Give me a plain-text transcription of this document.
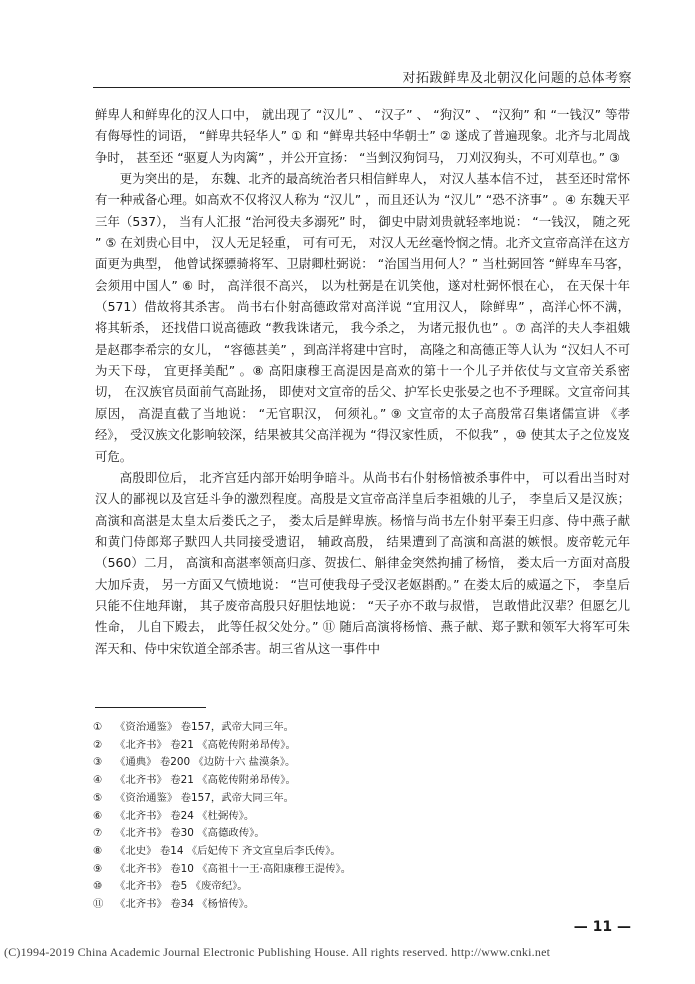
对拓跋鲜卑及北朝汉化问题的总体考察

鲜卑人和鲜卑化的汉人口中， 就出现了 “汉儿” 、 “汉子” 、 “狗汉” 、 “汉狗” 和 “一钱汉” 等带有侮辱性的词语， “鲜卑共轻华人” ① 和 “鲜卑共轻中华朝士” ② 遂成了普遍现象。北齐与北周战争时， 甚至还 “驱夏人为肉篱” ，并公开宣扬： “当剉汉狗饲马， 刀刈汉狗头，不可刈草也。” ③

更为突出的是， 东魏、北齐的最高统治者只相信鲜卑人， 对汉人基本信不过， 甚至还时常怀有一种戒备心理。如高欢不仅将汉人称为 “汉儿” ，而且还认为 “汉儿” “恐不济事” 。④ 东魏天平三年（537）， 当有人汇报 “治河役夫多溺死” 时， 御史中尉刘贵就轻率地说： “一钱汉， 随之死 ” ⑤ 在刘贵心目中， 汉人无足轻重， 可有可无， 对汉人无丝毫怜悯之情。北齐文宣帝高洋在这方面更为典型， 他曾试探骠骑将军、卫尉卿杜弼说： “治国当用何人？” 当杜弼回答 “鲜卑车马客， 会须用中国人” ⑥ 时， 高洋很不高兴， 以为杜弼是在讥笑他，遂对杜弼怀恨在心， 在天保十年（571）借故将其杀害。 尚书右仆射高德政常对高洋说 “宜用汉人， 除鲜卑” ，高洋心怀不满，将其斩杀， 还找借口说高德政 “教我诛诸元， 我今杀之， 为诸元报仇也” 。⑦ 高洋的夫人李祖娥是赵郡李希宗的女儿， “容德甚美” ，到高洋将建中宫时， 高隆之和高德正等人认为 “汉妇人不可为天下母， 宜更择美配” 。⑧ 高阳康穆王高湜因是高欢的第十一个儿子并依仗与文宣帝关系密切， 在汉族官员面前气高趾扬， 即使对文宣帝的岳父、护军长史张晏之也不予理睬。文宣帝问其原因， 高湜直截了当地说： “无官职汉， 何须礼。” ⑨ 文宣帝的太子高殷常召集诸儒宣讲 《孝经》， 受汉族文化影响较深，结果被其父高洋视为 “得汉家性质， 不似我” ，⑩ 使其太子之位岌岌可危。

高殷即位后， 北齐宫廷内部开始明争暗斗。从尚书右仆射杨愔被杀事件中， 可以看出当时对汉人的鄙视以及宫廷斗争的激烈程度。高殷是文宣帝高洋皇后李祖娥的儿子， 李皇后又是汉族； 高演和高湛是太皇太后娄氏之子， 娄太后是鲜卑族。杨愔与尚书左仆射平秦王归彦、侍中燕子献和黄门侍郎郑子默四人共同接受遗诏， 辅政高殷， 结果遭到了高演和高湛的嫉恨。废帝乾元年（560）二月， 高演和高湛率领高归彦、贺拔仁、斛律金突然拘捕了杨愔， 娄太后一方面对高殷大加斥责， 另一方面又气愤地说： “岂可使我母子受汉老妪斟酌。” 在娄太后的威逼之下， 李皇后只能不住地拜谢， 其子废帝高殷只好胆怯地说： “天子亦不敢与叔惜， 岂敢惜此汉辈？但愿乞儿性命， 儿自下殿去， 此等任叔父处分。” ⑪ 随后高演将杨愔、燕子献、郑子默和领军大将军可朱浑天和、侍中宋钦道全部杀害。胡三省从这一事件中

① 《资治通鉴》 卷157，武帝大同三年。
② 《北齐书》 卷21 《高乾传附弟昂传》。
③ 《通典》 卷200 《边防十六 盐漠条》。
④ 《北齐书》 卷21 《高乾传附弟昂传》。
⑤ 《资治通鉴》 卷157，武帝大同三年。
⑥ 《北齐书》 卷24 《杜弼传》。
⑦ 《北齐书》 卷30 《高德政传》。
⑧ 《北史》 卷14 《后妃传下 齐文宣皇后李氏传》。
⑨ 《北齐书》 卷10 《高祖十一王·高阳康穆王湜传》。
⑩ 《北齐书》 卷5 《废帝纪》。
⑪ 《北齐书》 卷34 《杨愔传》。
— 11 —
(C)1994-2019 China Academic Journal Electronic Publishing House. All rights reserved. http://www.cnki.net
